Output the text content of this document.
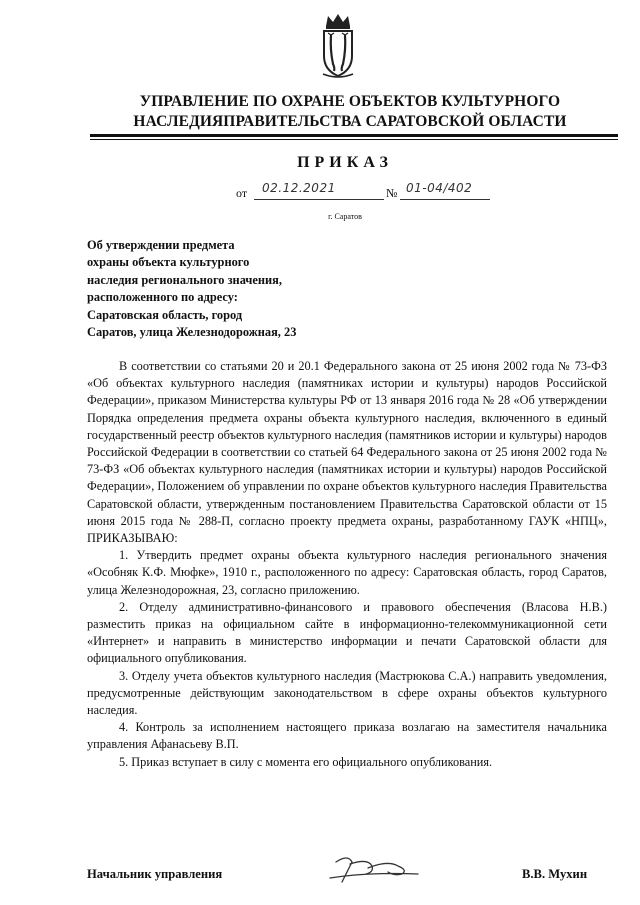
УПРАВЛЕНИЕ ПО ОХРАНЕ ОБЪЕКТОВ КУЛЬТУРНОГО
НАСЛЕДИЯПРАВИТЕЛЬСТВА САРАТОВСКОЙ ОБЛАСТИ
ПРИКАЗ
от 02.12.2021	№ 01-04/402
г. Саратов
Об утверждении предмета
охраны объекта культурного
наследия регионального значения,
расположенного по адресу:
Саратовская область, город
Саратов, улица Железнодорожная, 23

В соответствии со статьями 20 и 20.1 Федерального закона от 25 июня 2002 года № 73-ФЗ «Об объектах культурного наследия (памятниках истории и культуры) народов Российской Федерации», приказом Министерства культуры РФ от 13 января 2016 года № 28 «Об утверждении Порядка определения предмета охраны объекта культурного наследия, включенного в единый государственный реестр объектов культурного наследия (памятников истории и культуры) народов Российской Федерации в соответствии со статьей 64 Федерального закона от 25 июня 2002 года № 73-ФЗ «Об объектах культурного наследия (памятниках истории и культуры) народов Российской Федерации», Положением об управлении по охране объектов культурного наследия Правительства Саратовской области, утвержденным постановлением Правительства Саратовской области от 15 июня 2015 года № 288-П, согласно проекту предмета охраны, разработанному ГАУК «НПЦ», ПРИКАЗЫВАЮ:

1. Утвердить предмет охраны объекта культурного наследия регионального значения «Особняк К.Ф. Мюфке», 1910 г., расположенного по адресу: Саратовская область, город Саратов, улица Железнодорожная, 23, согласно приложению.

2. Отделу административно-финансового и правового обеспечения (Власова Н.В.) разместить приказ на официальном сайте в информационно-телекоммуникационной сети «Интернет» и направить в министерство информации и печати Саратовской области для официального опубликования.

3. Отделу учета объектов культурного наследия (Мастрюкова С.А.) направить уведомления, предусмотренные действующим законодательством в сфере охраны объектов культурного наследия.

4. Контроль за исполнением настоящего приказа возлагаю на заместителя начальника управления Афанасьеву В.П.

5. Приказ вступает в силу с момента его официального опубликования.

Начальник управления	В.В. Мухин
